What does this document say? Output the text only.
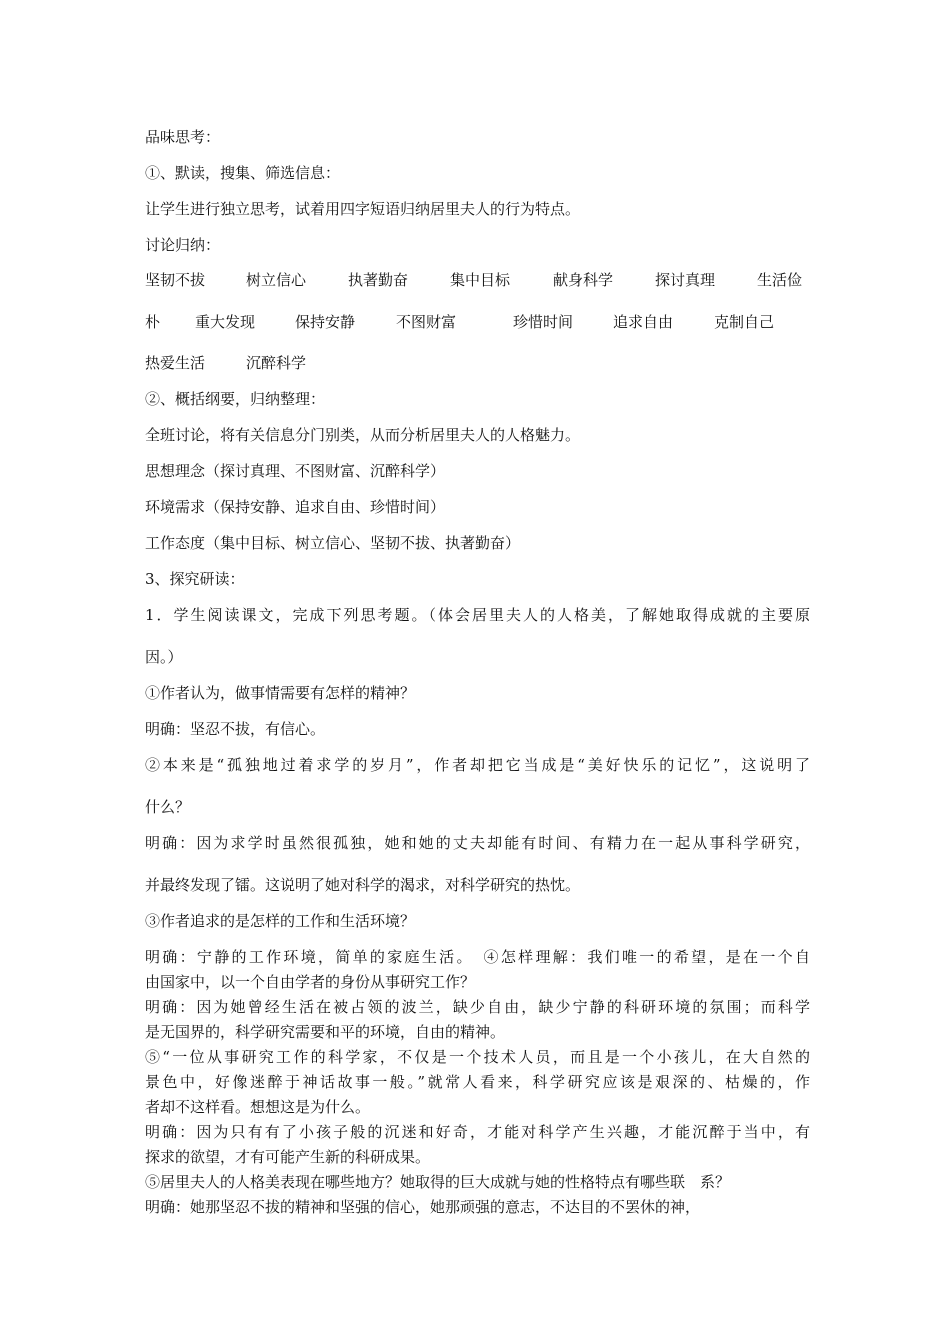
品味思考：
①、默读，搜集、筛选信息：
让学生进行独立思考，试着用四字短语归纳居里夫人的行为特点。
讨论归纳：
坚韧不拔	树立信心	执著勤奋	集中目标	献身科学	探讨真理	生活俭
朴 重大发现	保持安静	不图财富	珍惜时间	追求自由	克制自己
热爱生活	沉醉科学
②、概括纲要，归纳整理：
全班讨论，将有关信息分门别类，从而分析居里夫人的人格魅力。
思想理念（探讨真理、不图财富、沉醉科学）
环境需求（保持安静、追求自由、珍惜时间）
工作态度（集中目标、树立信心、坚韧不拔、执著勤奋）
3、探究研读：
1．学生阅读课文，完成下列思考题。（体会居里夫人的人格美，了解她取得成就的主要原
因。）
①作者认为，做事情需要有怎样的精神？
明确：坚忍不拔，有信心。
②本来是“孤独地过着求学的岁月”，作者却把它当成是“美好快乐的记忆”，这说明了
什么？
明确：因为求学时虽然很孤独，她和她的丈夫却能有时间、有精力在一起从事科学研究，
并最终发现了镭。这说明了她对科学的渴求，对科学研究的热忱。
③作者追求的是怎样的工作和生活环境？
明确：宁静的工作环境，简单的家庭生活。　④怎样理解：我们唯一的希望，是在一个自
由国家中，以一个自由学者的身份从事研究工作？
明确：因为她曾经生活在被占领的波兰，缺少自由，缺少宁静的科研环境的氛围；而科学
是无国界的，科学研究需要和平的环境，自由的精神。
⑤“一位从事研究工作的科学家，不仅是一个技术人员，而且是一个小孩儿，在大自然的
景色中，好像迷醉于神话故事一般。”就常人看来，科学研究应该是艰深的、枯燥的，作
者却不这样看。想想这是为什么。
明确：因为只有有了小孩子般的沉迷和好奇，才能对科学产生兴趣，才能沉醉于当中，有
探求的欲望，才有可能产生新的科研成果。
⑤居里夫人的人格美表现在哪些地方？她取得的巨大成就与她的性格特点有哪些联　系？
明确：她那坚忍不拔的精神和坚强的信心，她那顽强的意志，不达目的不罢休的神，
